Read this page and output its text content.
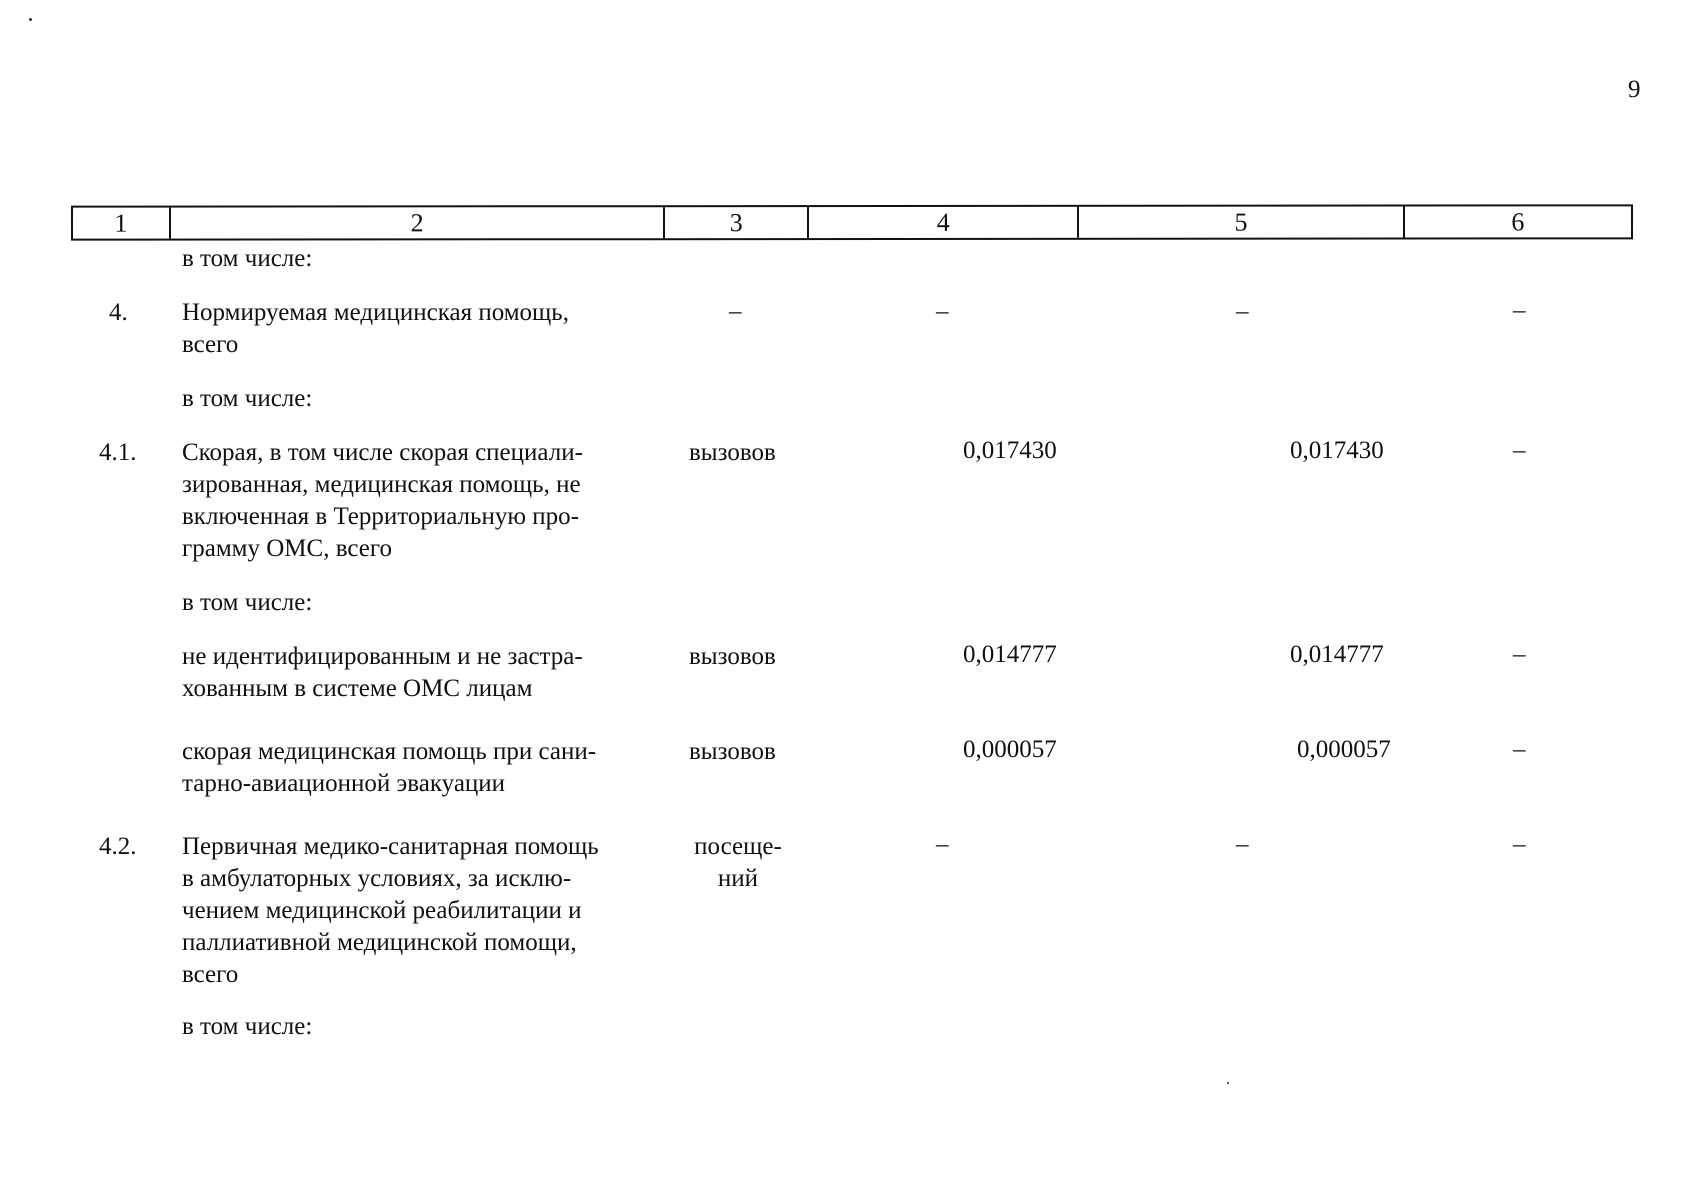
9
1	2	3	4	5	6
в том числе:
4. Нормируемая медицинская помощь,
всего
–	–	–	–
в том числе:
4.1. Скорая, в том числе скорая специали-
зированная, медицинская помощь, не
включенная в Территориальную про-
грамму ОМС, всего
вызовов	0,017430	0,017430	–
в том числе:
не идентифицированным и не застра-
хованным в системе ОМС лицам
вызовов	0,014777	0,014777	–
скорая медицинская помощь при сани-
тарно-авиационной эвакуации
вызовов	0,000057	0,000057	–
4.2. Первичная медико-санитарная помощь
в амбулаторных условиях, за исклю-
чением медицинской реабилитации и
паллиативной медицинской помощи,
всего
посеще-
ний
–	–	–
в том числе:
